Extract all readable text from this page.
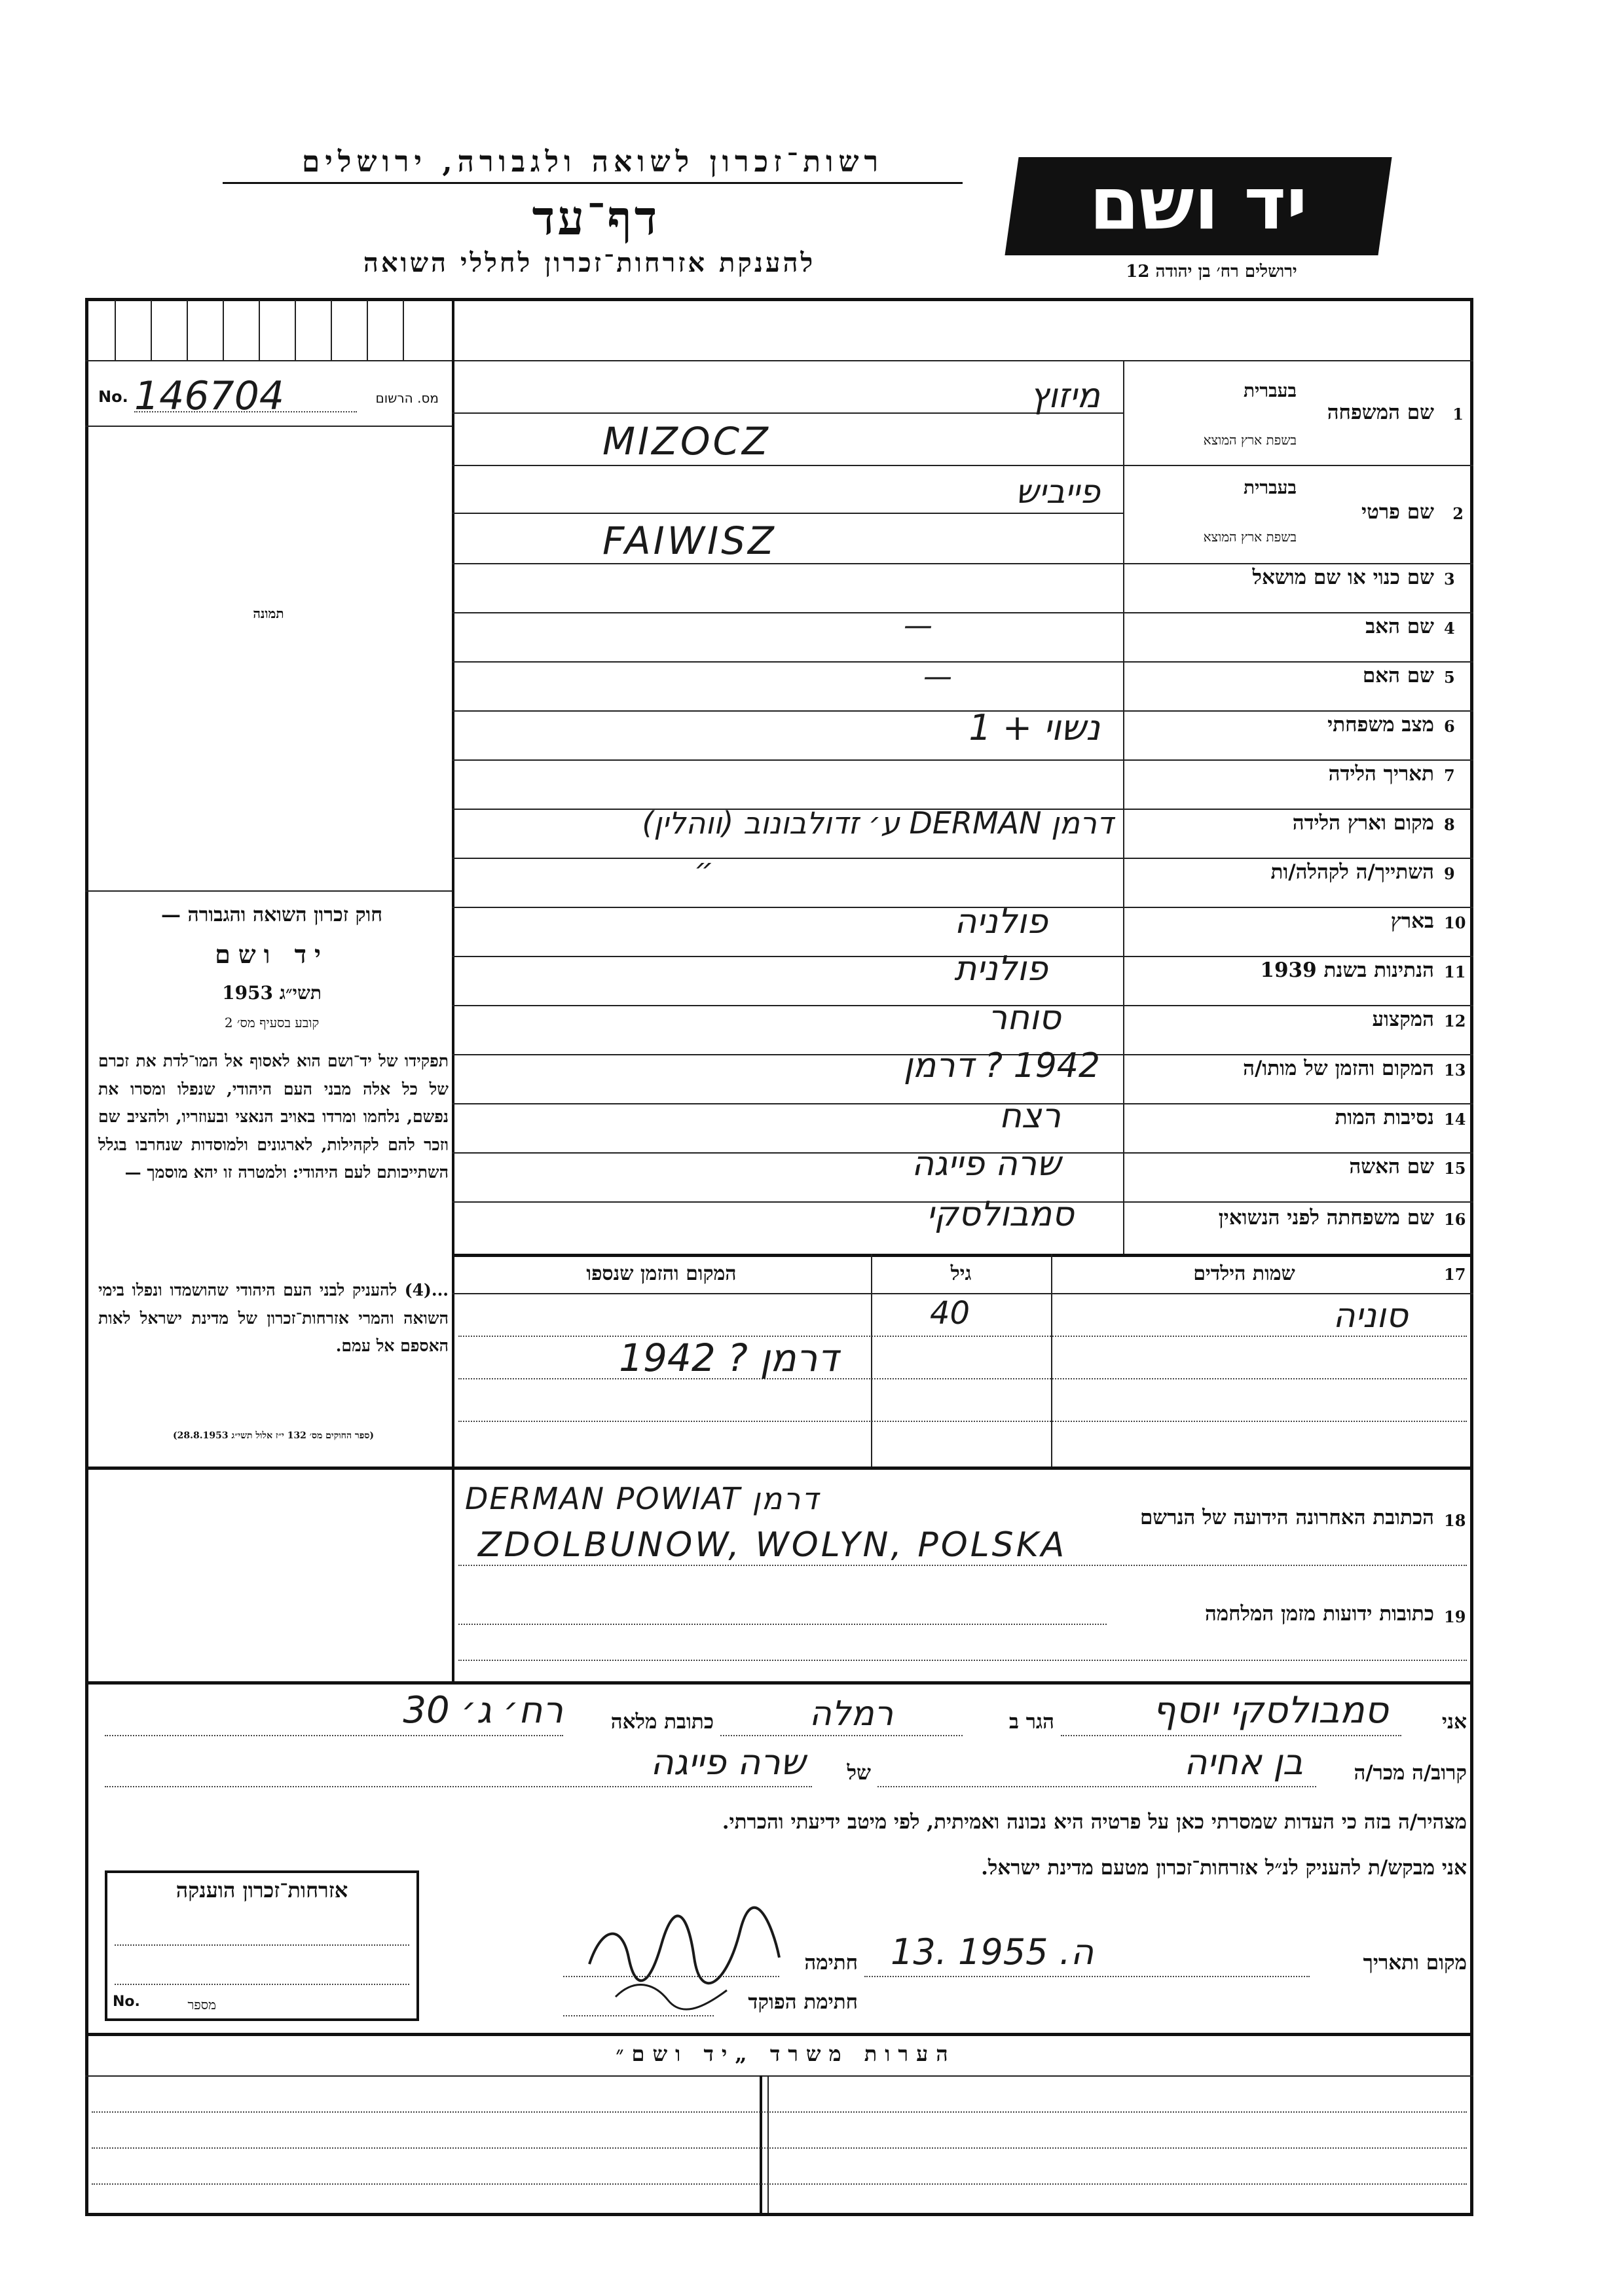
רשות־זכרון לשואה ולגבורה, ירושלים
דף־עד
להענקת אזרחות־זכרון לחללי השואה
יד ושם
ירושלים רח׳ בן יהודה 12
No. 146704	מס. הרשום
תמונה
1
שם המשפחה
בעברית
בשפת ארץ המוצא
מיזוץ
MIZOCZ
2
שם פרטי
בעברית
בשפת ארץ המוצא
פייביש
FAIWISZ
3
שם כנוי או שם מושאל
4
שם האב
—
5
שם האם
—
6
מצב משפחתי
נשוי + 1
7
תאריך הלידה
8
מקום וארץ הלידה
דרמן DERMAN ע׳ זדולבונוב (ווהלין)
9
השתייך/ה לקהלה/ות
״
10
בארץ
פולניה
11
הנתינות בשנת 1939
פולנית
12
המקצוע
סוחר
13
המקום והזמן של מותו/ה
1942 ? דרמן
14
נסיבות המות
רצח
15
שם האשה
שרה פייגה
16
שם משפחתה לפני הנשואין
סמבולסקי
17
שמות הילדים
גיל
המקום והזמן שנספו
סוניה
40
דרמן ? 1942
חוק זכרון השואה והגבורה —
יד ושם
תשי״ג 1953
קובע בסעיף מס׳ 2
תפקידו של יד־ושם הוא לאסוף אל המו־לדת את זכרם של כל אלה מבני העם היהודי, שנפלו ומסרו את נפשם, נלחמו ומרדו באויב הנאצי ובעוזריו, ולהציב שם וזכר להם לקהילות, לארגונים ולמוסדות שנחרבו בגלל השתייכותם לעם היהודי: ולמטרה זו יהא מוסמך —
...(4) להעניק לבני העם היהודי שהושמדו ונפלו בימי השואה והמרי אזרחות־זכרון של מדינת ישראל לאות האספם אל עמם.
(ספר החוקים מס׳ 132 י״ז אלול תשי״ג 28.8.1953)
18
הכתובת האחרונה הידועה של הנרשם
DERMAN POWIAT דרמן
ZDOLBUNOW, WOLYN, POLSKA
19
כתובות ידועות מזמן המלחמה
אני
סמבולסקי יוסף
הגר ב
רמלה
כתובת מלאה
רח׳ ג׳ 30
קרוב/ה מכר/ה
בן אחיה
של
שרה פייגה
מצהיר/ה בזה כי העדות שמסרתי כאן על פרטיה היא נכונה ואמיתית, לפי מיטב ידיעתי והכרתי.
אני מבקש/ת להעניק לנ״ל אזרחות־זכרון מטעם מדינת ישראל.
מקום ותאריך
13. ה. 1955
חתימה
חתימת הפוקד
אזרחות־זכרון הוענקה
No.	מספר
הערות משרד „יד ושם״
